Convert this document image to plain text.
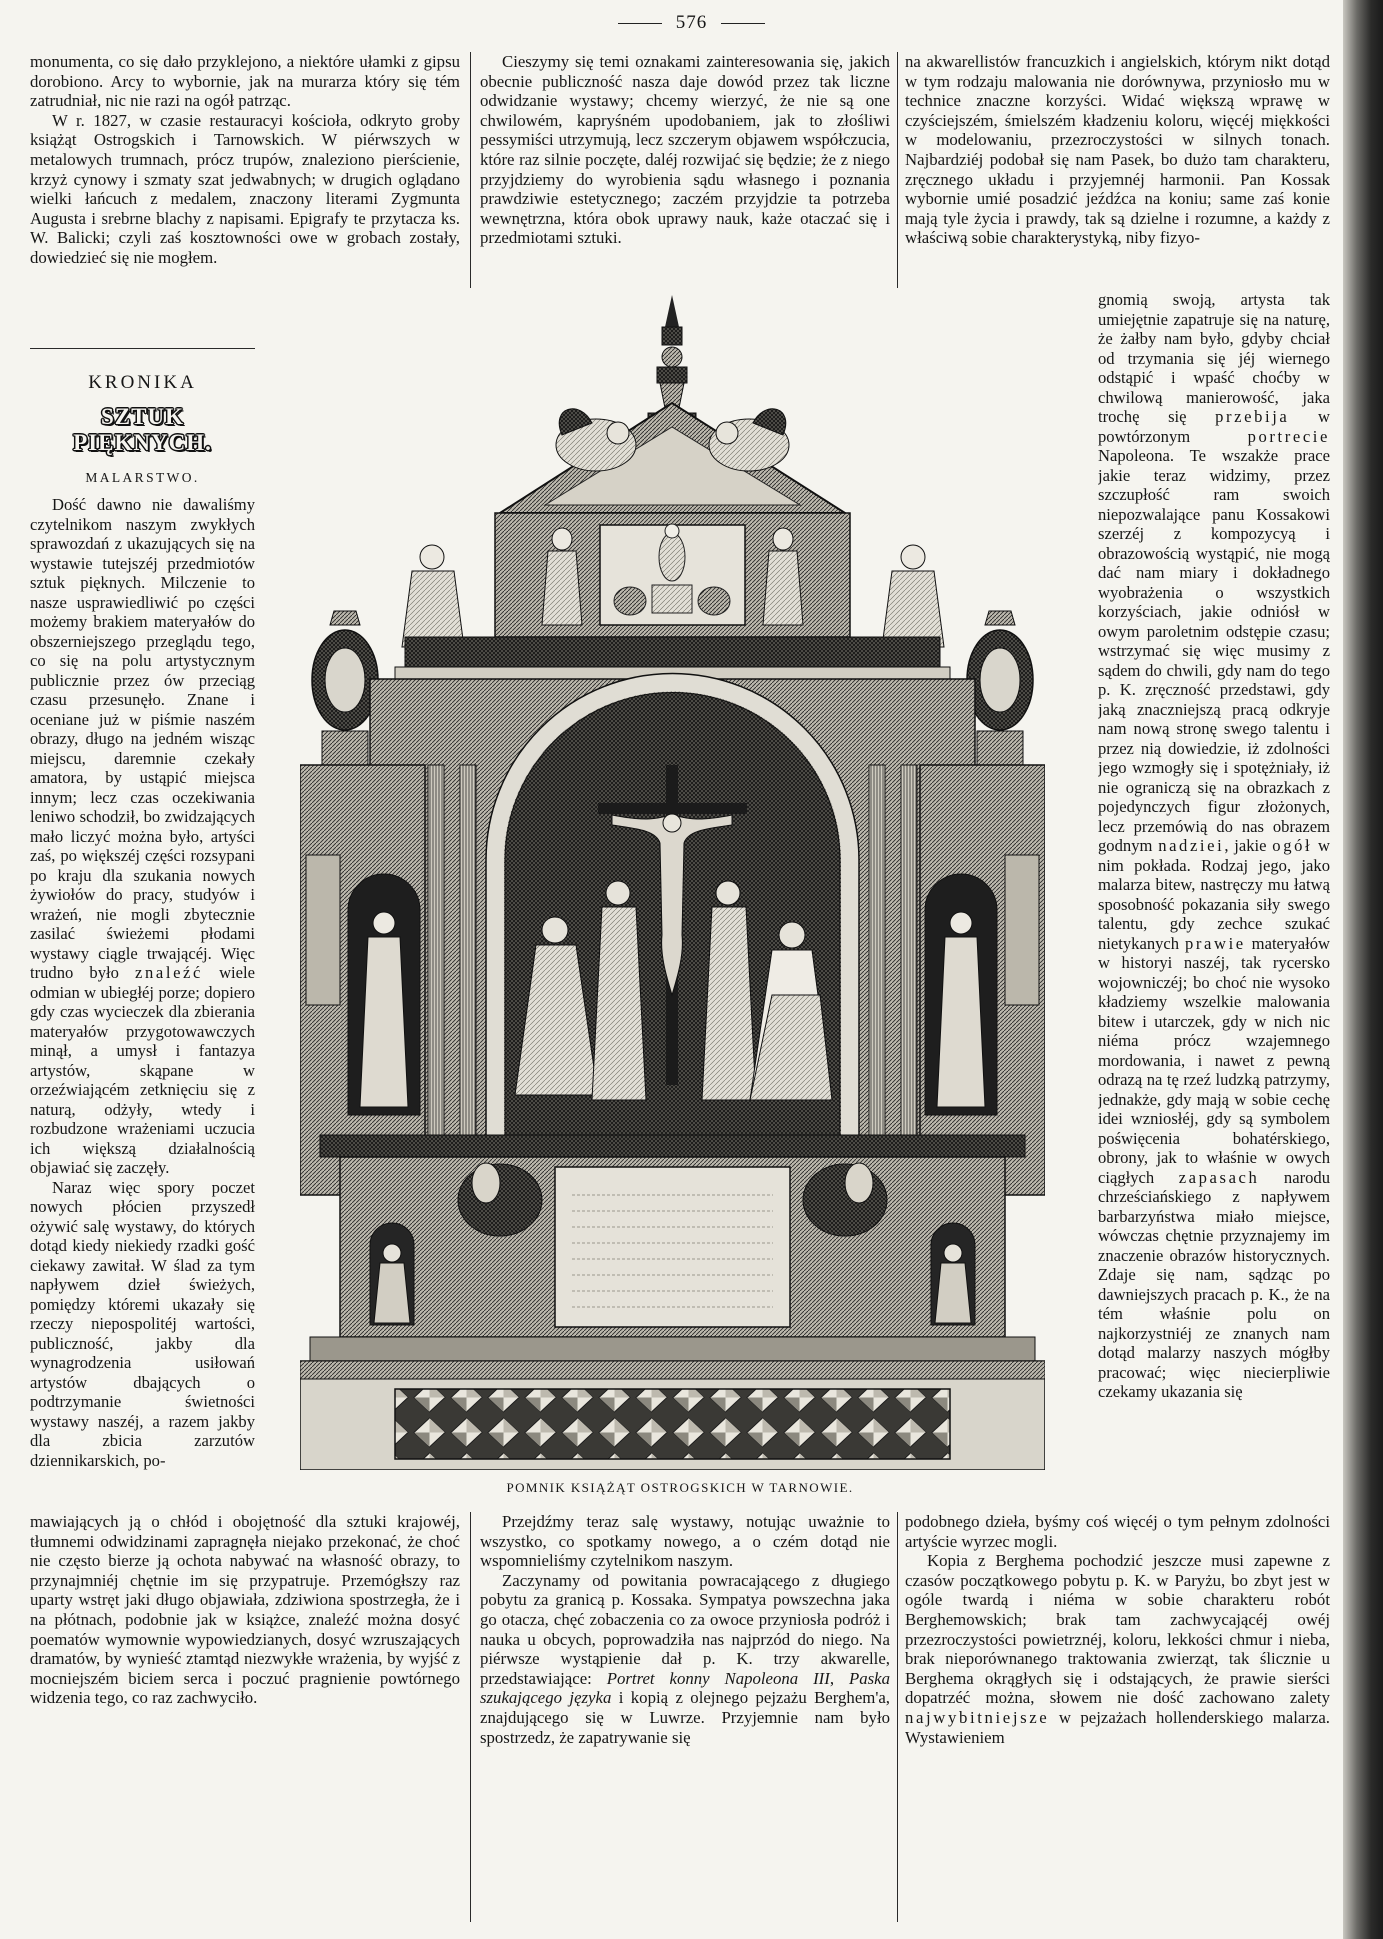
576

monumenta, co się dało przyklejono, a niektóre ułamki z gipsu dorobiono. Arcy to wybornie, jak na murarza który się tém zatrudniał, nic nie razi na ogół patrząc.

W r. 1827, w czasie restauracyi kościoła, odkryto groby książąt Ostrogskich i Tarnowskich. W piérwszych w metalowych trumnach, prócz trupów, znaleziono pierścienie, krzyż cynowy i szmaty szat jedwabnych; w drugich oglądano wielki łańcuch z medalem, znaczony literami Zygmunta Augusta i srebrne blachy z napisami. Epigrafy te przytacza ks. W. Balicki; czyli zaś kosztowności owe w grobach zostały, dowiedzieć się nie mogłem.

Cieszymy się temi oznakami zainteresowania się, jakich obecnie publiczność nasza daje dowód przez tak liczne odwidzanie wystawy; chcemy wierzyć, że nie są one chwilowém, kapryśném upodobaniem, jak to złośliwi pessymiści utrzymują, lecz szczerym objawem współczucia, które raz silnie poczęte, daléj rozwijać się będzie; że z niego przyjdziemy do wyrobienia sądu własnego i poznania prawdziwie estetycznego; zaczém przyjdzie ta potrzeba wewnętrzna, która obok uprawy nauk, każe otaczać się i przedmiotami sztuki.

na akwarellistów francuzkich i angielskich, którym nikt dotąd w tym rodzaju malowania nie dorównywa, przyniosło mu w technice znaczne korzyści. Widać większą wprawę w czyściejszém, śmielszém kładzeniu koloru, więcéj miękkości w modelowaniu, przezroczystości w silnych tonach. Najbardziéj podobał się nam Pasek, bo dużo tam charakteru, zręcznego układu i przyjemnéj harmonii. Pan Kossak wybornie umié posadzić jeźdźca na koniu; same zaś konie mają tyle życia i prawdy, tak są dzielne i rozumne, a każdy z właściwą sobie charakterystyką, niby fizyo-

KRONIKA
SZTUK PIĘKNYCH.
MALARSTWO.

Dość dawno nie dawaliśmy czytelnikom naszym zwykłych sprawozdań z ukazujących się na wystawie tutejszéj przedmiotów sztuk pięknych. Milczenie to nasze usprawiedliwić po części możemy brakiem materyałów do obszerniejszego przeglądu tego, co się na polu artystycznym publicznie przez ów przeciąg czasu przesunęło. Znane i oceniane już w piśmie naszém obrazy, długo na jedném wisząc miejscu, daremnie czekały amatora, by ustąpić miejsca innym; lecz czas oczekiwania leniwo schodził, bo zwidzających mało liczyć można było, artyści zaś, po większéj części rozsypani po kraju dla szukania nowych żywiołów do pracy, studyów i wrażeń, nie mogli zbytecznie zasilać świeżemi płodami wystawy ciągle trwającéj. Więc trudno było znaleźć wiele odmian w ubiegłéj porze; dopiero gdy czas wycieczek dla zbierania materyałów przygotowawczych minął, a umysł i fantazya artystów, skąpane w orzeźwiającém zetknięciu się z naturą, odżyły, wtedy i rozbudzone wrażeniami uczucia ich większą działalnością objawiać się zaczęły.

Naraz więc spory poczet nowych płócien przyszedł ożywić salę wystawy, do których dotąd kiedy niekiedy rzadki gość ciekawy zawitał. W ślad za tym napływem dzieł świeżych, pomiędzy któremi ukazały się rzeczy niepospolitéj wartości, publiczność, jakby dla wynagrodzenia usiłowań artystów dbających o podtrzymanie świetności wystawy naszéj, a razem jakby dla zbicia zarzutów dziennikarskich, po-

gnomią swoją, artysta tak umiejętnie zapatruje się na naturę, że żałby nam było, gdyby chciał od trzymania się jéj wiernego odstąpić i wpaść choćby w chwilową manierowość, jaka trochę się przebija w powtórzonym portrecie Napoleona. Te wszakże prace jakie teraz widzimy, przez szczupłość ram swoich niepozwalające panu Kossakowi szerzéj z kompozycyą i obrazowością wystąpić, nie mogą dać nam miary i dokładnego wyobrażenia o wszystkich korzyściach, jakie odniósł w owym paroletnim odstępie czasu; wstrzymać się więc musimy z sądem do chwili, gdy nam do tego p. K. zręczność przedstawi, gdy jaką znaczniejszą pracą odkryje nam nową stronę swego talentu i przez nią dowiedzie, iż zdolności jego wzmogły się i spotężniały, iż nie ograniczą się na obrazkach z pojedynczych figur złożonych, lecz przemówią do nas obrazem godnym nadziei, jakie ogół w nim pokłada. Rodzaj jego, jako malarza bitew, nastręczy mu łatwą sposobność pokazania siły swego talentu, gdy zechce szukać nietykanych prawie materyałów w historyi naszéj, tak rycersko wojowniczéj; bo choć nie wysoko kładziemy wszelkie malowania bitew i utarczek, gdy w nich nic niéma prócz wzajemnego mordowania, i nawet z pewną odrazą na tę rzeź ludzką patrzymy, jednakże, gdy mają w sobie cechę idei wzniosłéj, gdy są symbolem poświęcenia bohatérskiego, obrony, jak to właśnie w owych ciągłych zapasach narodu chrześciańskiego z napływem barbarzyństwa miało miejsce, wówczas chętnie przyznajemy im znaczenie obrazów historycznych. Zdaje się nam, sądząc po dawniejszych pracach p. K., że na tém właśnie polu on najkorzystniéj ze znanych nam dotąd malarzy naszych mógłby pracować; więc niecierpliwie czekamy ukazania się

POMNIK KSIĄŻĄT OSTROGSKICH W TARNOWIE.

mawiających ją o chłód i obojętność dla sztuki krajowéj, tłumnemi odwidzinami zapragnęła niejako przekonać, że choć nie często bierze ją ochota nabywać na własność obrazy, to przynajmniéj chętnie im się przypatruje. Przemógłszy raz uparty wstręt jaki długo objawiała, zdziwiona spostrzegła, że i na płótnach, podobnie jak w książce, znaleźć można dosyć poematów wymownie wypowiedzianych, dosyć wzruszających dramatów, by wynieść ztamtąd niezwykłe wrażenia, by wyjść z mocniejszém biciem serca i poczuć pragnienie powtórnego widzenia tego, co raz zachwyciło.

Przejdźmy teraz salę wystawy, notując uważnie to wszystko, co spotkamy nowego, a o czém dotąd nie wspomnieliśmy czytelnikom naszym.

Zaczynamy od powitania powracającego z długiego pobytu za granicą p. Kossaka. Sympatya powszechna jaka go otacza, chęć zobaczenia co za owoce przyniosła podróż i nauka u obcych, poprowadziła nas najprzód do niego. Na piérwsze wystąpienie dał p. K. trzy akwarelle, przedstawiające: Portret konny Napoleona III, Paska szukającego języka i kopią z olejnego pejzażu Berghem'a, znajdującego się w Luwrze. Przyjemnie nam było spostrzedz, że zapatrywanie się

podobnego dzieła, byśmy coś więcéj o tym pełnym zdolności artyście wyrzec mogli.

Kopia z Berghema pochodzić jeszcze musi zapewne z czasów początkowego pobytu p. K. w Paryżu, bo zbyt jest w ogóle twardą i niéma w sobie charakteru robót Berghemowskich; brak tam zachwycającéj owéj przezroczystości powietrznéj, koloru, lekkości chmur i nieba, brak nieporównanego traktowania zwierząt, tak ślicznie u Berghema okrągłych się i odstających, że prawie sierści dopatrzéć można, słowem nie dość zachowano zalety najwybitniejsze w pejzażach hollenderskiego malarza. Wystawieniem
